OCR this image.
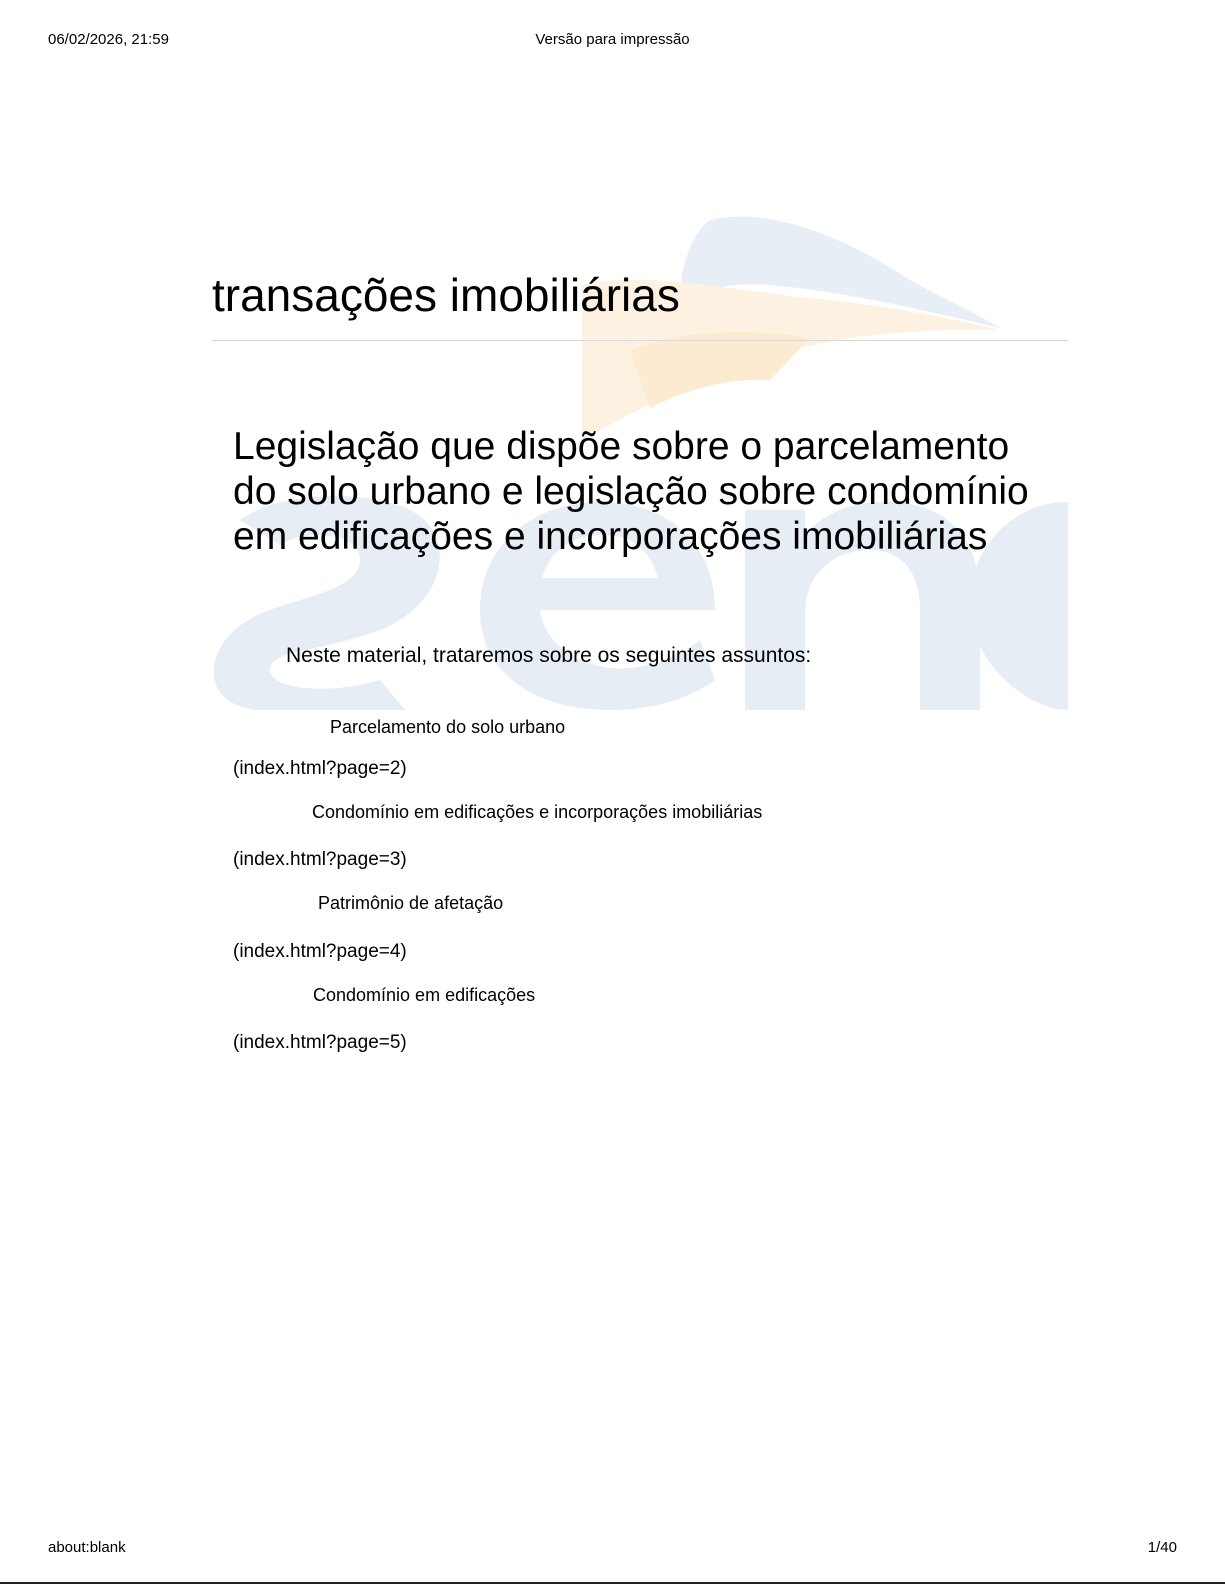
06/02/2026, 21:59	Versão para impressão
transações imobiliárias
Legislação que dispõe sobre o parcelamento do solo urbano e legislação sobre condomínio em edificações e incorporações imobiliárias

Neste material, trataremos sobre os seguintes assuntos:

Parcelamento do solo urbano
(index.html?page=2)
Condomínio em edificações e incorporações imobiliárias
(index.html?page=3)
Patrimônio de afetação
(index.html?page=4)
Condomínio em edificações
(index.html?page=5)
about:blank	1/40
